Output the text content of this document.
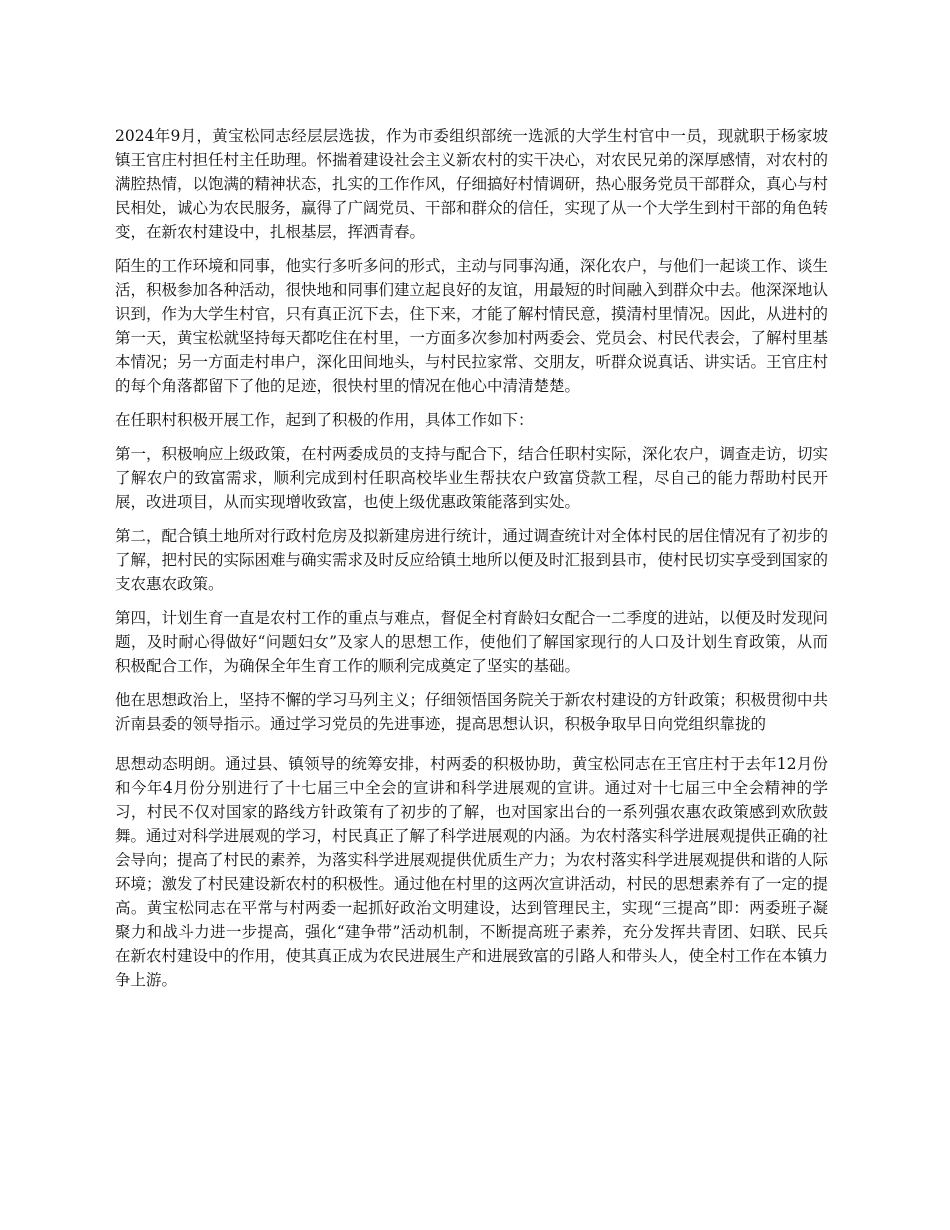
2024年9月，黄宝松同志经层层选拔，作为市委组织部统一选派的大学生村官中一员，现就职于杨家坡镇王官庄村担任村主任助理。怀揣着建设社会主义新农村的实干决心，对农民兄弟的深厚感情，对农村的满腔热情，以饱满的精神状态，扎实的工作作风，仔细搞好村情调研，热心服务党员干部群众，真心与村民相处，诚心为农民服务，赢得了广阔党员、干部和群众的信任，实现了从一个大学生到村干部的角色转变，在新农村建设中，扎根基层，挥洒青春。

陌生的工作环境和同事，他实行多听多问的形式，主动与同事沟通，深化农户，与他们一起谈工作、谈生活，积极参加各种活动，很快地和同事们建立起良好的友谊，用最短的时间融入到群众中去。他深深地认识到，作为大学生村官，只有真正沉下去，住下来，才能了解村情民意，摸清村里情况。因此，从进村的第一天，黄宝松就坚持每天都吃住在村里，一方面多次参加村两委会、党员会、村民代表会，了解村里基本情况；另一方面走村串户，深化田间地头，与村民拉家常、交朋友，听群众说真话、讲实话。王官庄村的每个角落都留下了他的足迹，很快村里的情况在他心中清清楚楚。

在任职村积极开展工作，起到了积极的作用，具体工作如下：

第一，积极响应上级政策，在村两委成员的支持与配合下，结合任职村实际，深化农户，调查走访，切实了解农户的致富需求，顺利完成到村任职高校毕业生帮扶农户致富贷款工程，尽自己的能力帮助村民开展，改进项目，从而实现增收致富，也使上级优惠政策能落到实处。

第二，配合镇土地所对行政村危房及拟新建房进行统计，通过调查统计对全体村民的居住情况有了初步的了解，把村民的实际困难与确实需求及时反应给镇土地所以便及时汇报到县市，使村民切实享受到国家的支农惠农政策。

第四，计划生育一直是农村工作的重点与难点，督促全村育龄妇女配合一二季度的进站，以便及时发现问题，及时耐心得做好“问题妇女”及家人的思想工作，使他们了解国家现行的人口及计划生育政策，从而积极配合工作，为确保全年生育工作的顺利完成奠定了坚实的基础。

他在思想政治上，坚持不懈的学习马列主义；仔细领悟国务院关于新农村建设的方针政策；积极贯彻中共沂南县委的领导指示。通过学习党员的先进事迹，提高思想认识，积极争取早日向党组织靠拢的

思想动态明朗。通过县、镇领导的统筹安排，村两委的积极协助，黄宝松同志在王官庄村于去年12月份和今年4月份分别进行了十七届三中全会的宣讲和科学进展观的宣讲。通过对十七届三中全会精神的学习，村民不仅对国家的路线方针政策有了初步的了解，也对国家出台的一系列强农惠农政策感到欢欣鼓舞。通过对科学进展观的学习，村民真正了解了科学进展观的内涵。为农村落实科学进展观提供正确的社会导向；提高了村民的素养，为落实科学进展观提供优质生产力；为农村落实科学进展观提供和谐的人际环境；激发了村民建设新农村的积极性。通过他在村里的这两次宣讲活动，村民的思想素养有了一定的提高。黄宝松同志在平常与村两委一起抓好政治文明建设，达到管理民主，实现“三提高”即：两委班子凝聚力和战斗力进一步提高，强化“建争带”活动机制，不断提高班子素养，充分发挥共青团、妇联、民兵在新农村建设中的作用，使其真正成为农民进展生产和进展致富的引路人和带头人，使全村工作在本镇力争上游。
